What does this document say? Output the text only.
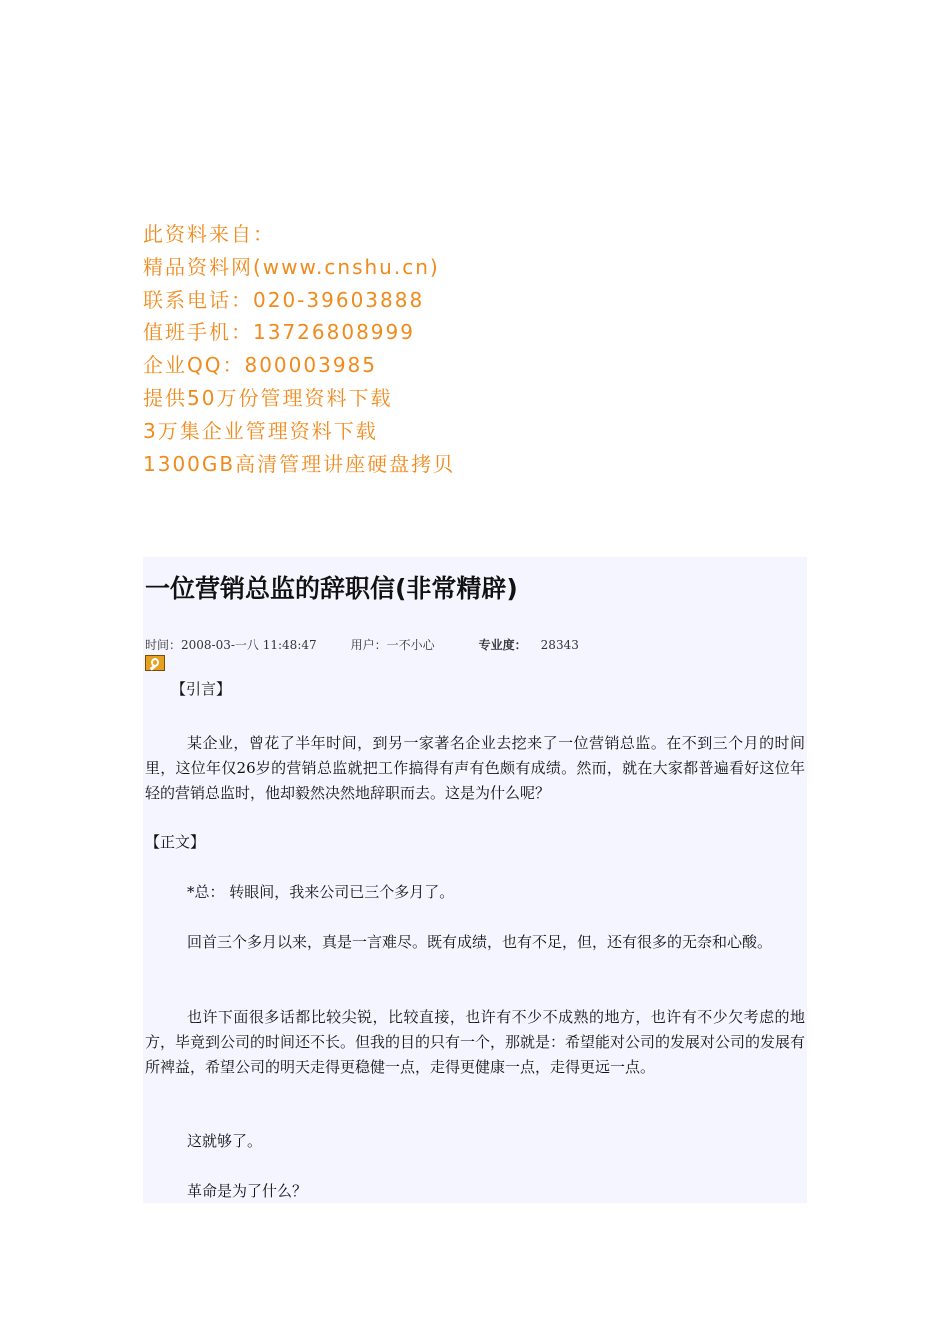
此资料来自：
精品资料网(www.cnshu.cn)
联系电话：020-39603888
值班手机：13726808999
企业QQ：800003985
提供50万份管理资料下载
3万集企业管理资料下载
1300GB高清管理讲座硬盘拷贝
一位营销总监的辞职信(非常精辟)
时间：2008-03-一八 11:48:47	用户：一不小心	专业度： 28343
【引言】
某企业，曾花了半年时间，到另一家著名企业去挖来了一位营销总监。在不到三个月的时间里，这位年仅26岁的营销总监就把工作搞得有声有色颇有成绩。然而，就在大家都普遍看好这位年轻的营销总监时，他却毅然决然地辞职而去。这是为什么呢？
【正文】
*总： 转眼间，我来公司已三个多月了。
回首三个多月以来，真是一言难尽。既有成绩，也有不足，但，还有很多的无奈和心酸。
也许下面很多话都比较尖锐，比较直接，也许有不少不成熟的地方，也许有不少欠考虑的地方，毕竟到公司的时间还不长。但我的目的只有一个，那就是：希望能对公司的发展对公司的发展有所裨益，希望公司的明天走得更稳健一点，走得更健康一点，走得更远一点。
这就够了。
革命是为了什么？
